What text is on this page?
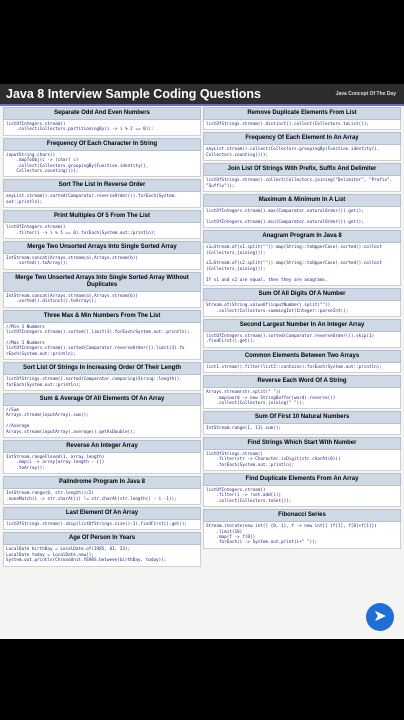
Java 8 Interview Sample Coding Questions	Java Concept Of The Day
Separate Odd And Even Numbers
listOfIntegers.stream()
.collect(Collectors.partitioningBy(i -> i % 2 == 0));
Frequency Of Each Character In String
inputString.chars()
.mapToObj(c -> (char) c)
.collect(Collectors.groupingBy(Function.identity(),
Collectors.counting()));
Sort The List In Reverse Order
anyList.stream().sorted(Comparator.reverseOrder()).forEach(System.
out::println);
Print Multiples Of 5 From The List
listOfIntegers.stream()
.filter(i -> i % 5 == 0).forEach(System.out::println);
Merge Two Unsorted Arrays Into Single Sorted Array
IntStream.concat(Arrays.stream(a),Arrays.stream(b))
.sorted().toArray();
Merge Two Unsorted Arrays Into Single Sorted Array Without Duplicates
IntStream.concat(Arrays.stream(a),Arrays.stream(b))
.sorted().distinct().toArray();
Three Max & Min Numbers From The List
//Min 3 Numbers
listOfIntegers.stream().sorted().limit(3).forEach(System.out::println);

//Max 3 Numbers
listOfIntegers.stream().sorted(Comparator.reverseOrder()).limit(3).fo
rEach(System.out::println);
Sort List Of Strings In Increasing Order Of Their Length
listOfStrings.stream().sorted(Comparator.comparing(String::length)).
forEach(System.out::println);
Sum & Average Of All Elements Of An Array
//Sum
Arrays.stream(inputArray).sum();

//Average
Arrays.stream(inputArray).average().getAsDouble();
Reverse An Integer Array
IntStream.rangeClosed(1, array.length)
.map(i -> array[array.length - i])
.toArray();
Palindrome Program In Java 8
IntStream.range(0, str.length()/2)
.noneMatch(i -> str.charAt(i) != str.charAt(str.length() - i -1));
Last Element Of An Array
listOfStrings.stream().skip(listOfStrings.size()-1).findFirst().get();
Age Of Person In Years
LocalDate birthDay = LocalDate.of(1985, 01, 23);
LocalDate today = LocalDate.now();
System.out.println(ChronoUnit.YEARS.between(birthDay, today));
Remove Duplicate Elements From List
listOfStrings.stream().distinct().collect(Collectors.toList());
Frequency Of Each Element In An Array
anyList.stream().collect(Collectors.groupingBy(Function.identity(),
Collectors.counting()));
Join List Of Strings With Prefix, Suffix And Delimiter
listOfStrings.stream().collect(Collectors.joining("Delimiter", "Prefix",
"Suffix"));
Maximum & Minimum In A List
listOfIntegers.stream().max(Comparator.naturalOrder()).get();

listOfIntegers.stream().min(Comparator.naturalOrder()).get();
Anagram Program In Java 8
s1=Stream.of(s1.split("")).map(String::toUpperCase).sorted().collect
(Collectors.joining());

s2=Stream.of(s2.split("")).map(String::toUpperCase).sorted().collect
(Collectors.joining());

If s1 and s2 are equal, then they are anagrams.
Sum Of All Digits Of A Number
Stream.of(String.valueOf(inputNumber).split(""))
.collect(Collectors.summingInt(Integer::parseInt));
Second Largest Number In An Integer Array
listOfIntegers.stream().sorted(Comparator.reverseOrder()).skip(1)
.findFirst().get();
Common Elements Between Two Arrays
list1.stream().filter(list2::contains).forEach(System.out::println);
Reverse Each Word Of A String
Arrays.stream(str.split(" "))
.map(word -> new StringBuffer(word).reverse())
.collect(Collectors.joining(" "));
Sum Of First 10 Natural Numbers
IntStream.range(1, 11).sum();
Find Strings Which Start With Number
listOfStrings.stream()
.filter(str -> Character.isDigit(str.charAt(0)))
.forEach(System.out::println);
Find Duplicate Elements From An Array
listOfIntegers.stream()
.filter(i -> !set.add(i))
.collect(Collectors.toSet());
Fibonacci Series
Stream.iterate(new int[] {0, 1}, f -> new int[] {f[1], f[0]+f[1]})
.limit(10)
.map(f -> f[0])
.forEach(i -> System.out.print(i+" "));
➤
